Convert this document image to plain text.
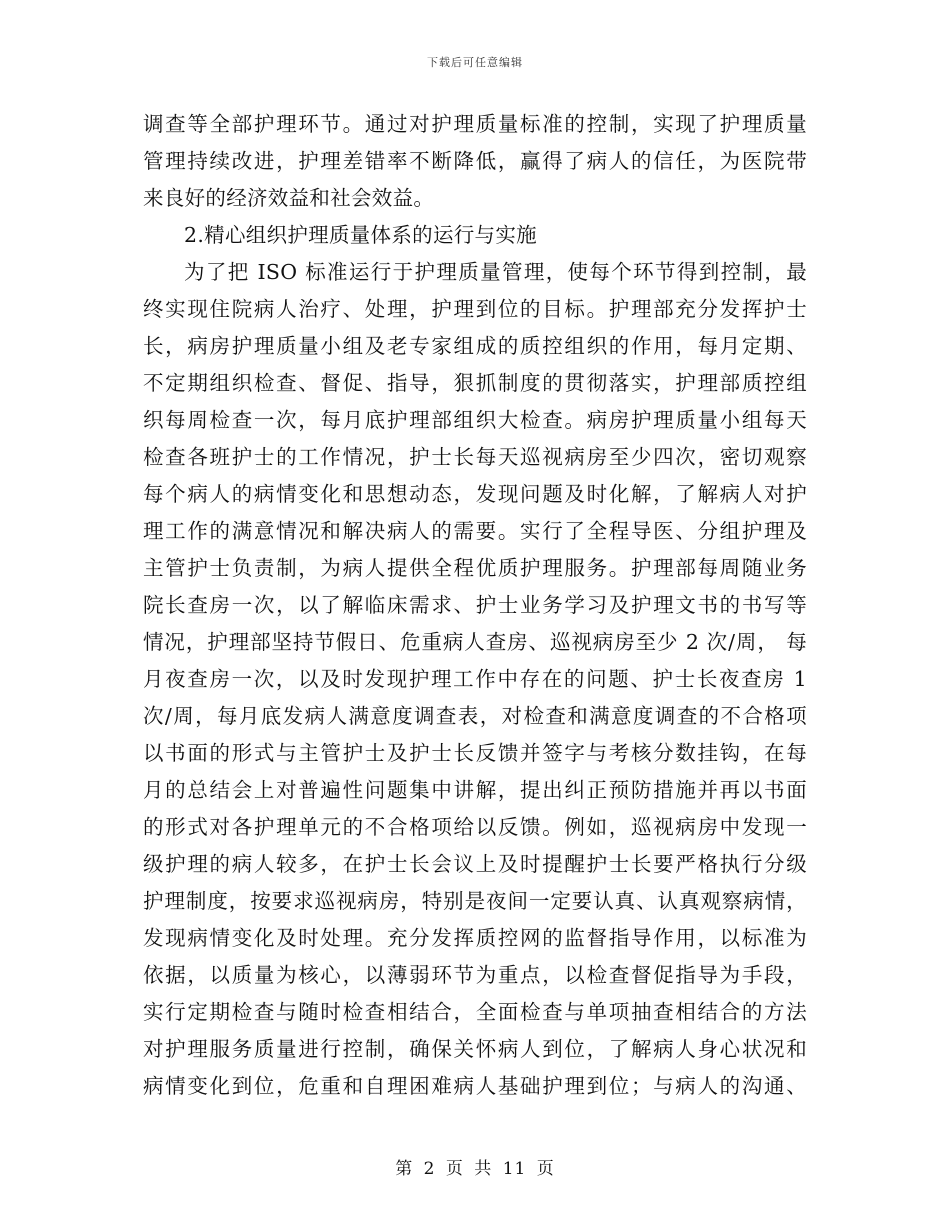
下载后可任意编辑
调查等全部护理环节。通过对护理质量标准的控制，实现了护理质量
管理持续改进，护理差错率不断降低，赢得了病人的信任，为医院带
来良好的经济效益和社会效益。
2.精心组织护理质量体系的运行与实施
为了把 ISO 标准运行于护理质量管理，使每个环节得到控制，最
终实现住院病人治疗、处理，护理到位的目标。护理部充分发挥护士
长，病房护理质量小组及老专家组成的质控组织的作用，每月定期、
不定期组织检查、督促、指导，狠抓制度的贯彻落实，护理部质控组
织每周检查一次，每月底护理部组织大检查。病房护理质量小组每天
检查各班护士的工作情况，护士长每天巡视病房至少四次，密切观察
每个病人的病情变化和思想动态，发现问题及时化解，了解病人对护
理工作的满意情况和解决病人的需要。实行了全程导医、分组护理及
主管护士负责制，为病人提供全程优质护理服务。护理部每周随业务
院长查房一次，以了解临床需求、护士业务学习及护理文书的书写等
情况，护理部坚持节假日、危重病人查房、巡视病房至少 2 次/周， 每
月夜查房一次，以及时发现护理工作中存在的问题、护士长夜查房 1
次/周，每月底发病人满意度调查表，对检查和满意度调查的不合格项
以书面的形式与主管护士及护士长反馈并签字与考核分数挂钩，在每
月的总结会上对普遍性问题集中讲解，提出纠正预防措施并再以书面
的形式对各护理单元的不合格项给以反馈。例如，巡视病房中发现一
级护理的病人较多，在护士长会议上及时提醒护士长要严格执行分级
护理制度，按要求巡视病房，特别是夜间一定要认真、认真观察病情，
发现病情变化及时处理。充分发挥质控网的监督指导作用，以标准为
依据，以质量为核心，以薄弱环节为重点，以检查督促指导为手段，
实行定期检查与随时检查相结合，全面检查与单项抽查相结合的方法
对护理服务质量进行控制，确保关怀病人到位，了解病人身心状况和
病情变化到位，危重和自理困难病人基础护理到位；与病人的沟通、
第 2 页 共 11 页
